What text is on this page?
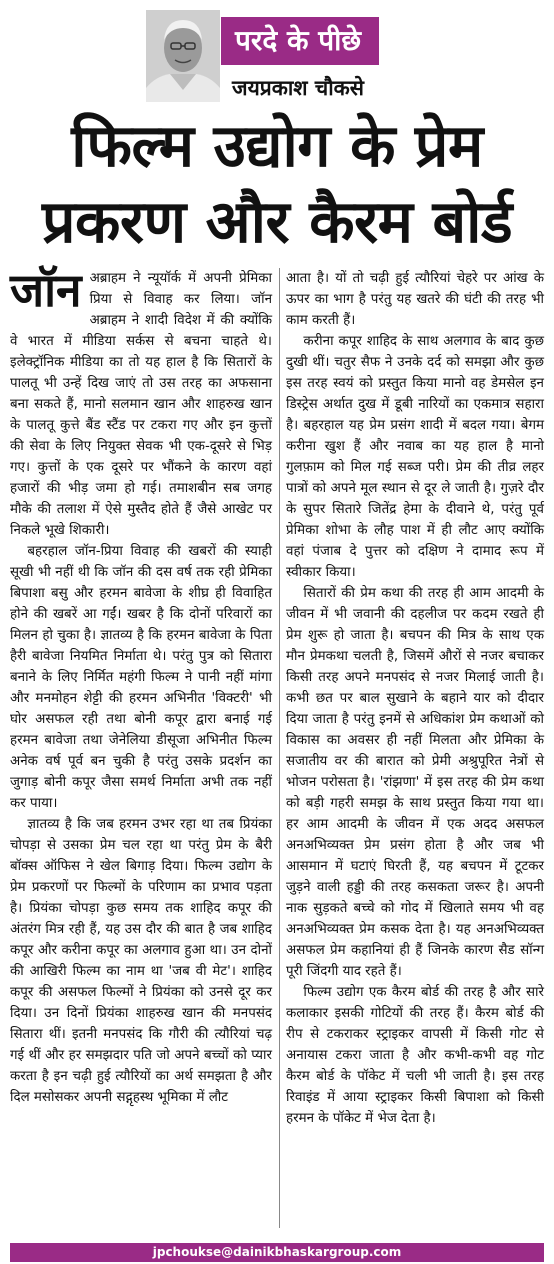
परदे के पीछे
जयप्रकाश चौकसे
फिल्म उद्योग के प्रेम
प्रकरण और कैरम बोर्ड

जॉन अब्राहम ने न्यूयॉर्क में अपनी प्रेमिका प्रिया से विवाह कर लिया। जॉन अब्राहम ने शादी विदेश में की क्योंकि वे भारत में मीडिया सर्कस से बचना चाहते थे। इलेक्ट्रॉनिक मीडिया का तो यह हाल है कि सितारों के पालतू भी उन्हें दिख जाएं तो उस तरह का अफसाना बना सकते हैं, मानो सलमान खान और शाहरुख खान के पालतू कुत्ते बैंड स्टैंड पर टकरा गए और इन कुत्तों की सेवा के लिए नियुक्त सेवक भी एक-दूसरे से भिड़ गए। कुत्तों के एक दूसरे पर भौंकने के कारण वहां हजारों की भीड़ जमा हो गई। तमाशबीन सब जगह मौके की तलाश में ऐसे मुस्तैद होते हैं जैसे आखेट पर निकले भूखे शिकारी।

बहरहाल जॉन-प्रिया विवाह की खबरों की स्याही सूखी भी नहीं थी कि जॉन की दस वर्ष तक रही प्रेमिका बिपाशा बसु और हरमन बावेजा के शीघ्र ही विवाहित होने की खबरें आ गईं। खबर है कि दोनों परिवारों का मिलन हो चुका है। ज्ञातव्य है कि हरमन बावेजा के पिता हैरी बावेजा नियमित निर्माता थे। परंतु पुत्र को सितारा बनाने के लिए निर्मित महंगी फिल्म ने पानी नहीं मांगा और मनमोहन शेट्टी की हरमन अभिनीत 'विक्टरी' भी घोर असफल रही तथा बोनी कपूर द्वारा बनाई गई हरमन बावेजा तथा जेनेलिया डीसूजा अभिनीत फिल्म अनेक वर्ष पूर्व बन चुकी है परंतु उसके प्रदर्शन का जुगाड़ बोनी कपूर जैसा समर्थ निर्माता अभी तक नहीं कर पाया।

ज्ञातव्य है कि जब हरमन उभर रहा था तब प्रियंका चोपड़ा से उसका प्रेम चल रहा था परंतु प्रेम के बैरी बॉक्स ऑफिस ने खेल बिगाड़ दिया। फिल्म उद्योग के प्रेम प्रकरणों पर फिल्मों के परिणाम का प्रभाव पड़ता है। प्रियंका चोपड़ा कुछ समय तक शाहिद कपूर की अंतरंग मित्र रही हैं, यह उस दौर की बात है जब शाहिद कपूर और करीना कपूर का अलगाव हुआ था। उन दोनों की आखिरी फिल्म का नाम था 'जब वी मेट'। शाहिद कपूर की असफल फिल्मों ने प्रियंका को उनसे दूर कर दिया। उन दिनों प्रियंका शाहरुख खान की मनपसंद सितारा थीं। इतनी मनपसंद कि गौरी की त्यौरियां चढ़ गई थीं और हर समझदार पति जो अपने बच्चों को प्यार करता है इन चढ़ी हुई त्यौरियों का अर्थ समझता है और दिल मसोसकर अपनी सद्गृहस्थ भूमिका में लौट

आता है। यों तो चढ़ी हुई त्यौरियां चेहरे पर आंख के ऊपर का भाग है परंतु यह खतरे की घंटी की तरह भी काम करती हैं।

करीना कपूर शाहिद के साथ अलगाव के बाद कुछ दुखी थीं। चतुर सैफ ने उनके दर्द को समझा और कुछ इस तरह स्वयं को प्रस्तुत किया मानो वह डेमसेल इन डिस्ट्रेस अर्थात दुख में डूबी नारियों का एकमात्र सहारा है। बहरहाल यह प्रेम प्रसंग शादी में बदल गया। बेगम करीना खुश हैं और नवाब का यह हाल है मानो गुलफ़ाम को मिल गई सब्ज परी। प्रेम की तीव्र लहर पात्रों को अपने मूल स्थान से दूर ले जाती है। गुज़रे दौर के सुपर सितारे जितेंद्र हेमा के दीवाने थे, परंतु पूर्व प्रेमिका शोभा के लौह पाश में ही लौट आए क्योंकि वहां पंजाब दे पुत्तर को दक्षिण ने दामाद रूप में स्वीकार किया।

सितारों की प्रेम कथा की तरह ही आम आदमी के जीवन में भी जवानी की दहलीज पर कदम रखते ही प्रेम शुरू हो जाता है। बचपन की मित्र के साथ एक मौन प्रेमकथा चलती है, जिसमें औरों से नजर बचाकर किसी तरह अपने मनपसंद से नजर मिलाई जाती है। कभी छत पर बाल सुखाने के बहाने यार को दीदार दिया जाता है परंतु इनमें से अधिकांश प्रेम कथाओं को विकास का अवसर ही नहीं मिलता और प्रेमिका के सजातीय वर की बारात को प्रेमी अश्रुपूरित नेत्रों से भोजन परोसता है। 'रांझणा' में इस तरह की प्रेम कथा को बड़ी गहरी समझ के साथ प्रस्तुत किया गया था। हर आम आदमी के जीवन में एक अदद असफल अनअभिव्यक्त प्रेम प्रसंग होता है और जब भी आसमान में घटाएं घिरती हैं, यह बचपन में टूटकर जुड़ने वाली हड्डी की तरह कसकता जरूर है। अपनी नाक सुड़कते बच्चे को गोद में खिलाते समय भी वह अनअभिव्यक्त प्रेम कसक देता है। यह अनअभिव्यक्त असफल प्रेम कहानियां ही हैं जिनके कारण सैड सॉन्ग पूरी जिंदगी याद रहते हैं।

फिल्म उद्योग एक कैरम बोर्ड की तरह है और सारे कलाकार इसकी गोटियों की तरह हैं। कैरम बोर्ड की रीप से टकराकर स्ट्राइकर वापसी में किसी गोट से अनायास टकरा जाता है और कभी-कभी वह गोट कैरम बोर्ड के पॉकेट में चली भी जाती है। इस तरह रिवाइंड में आया स्ट्राइकर किसी बिपाशा को किसी हरमन के पॉकेट में भेज देता है।

jpchoukse@dainikbhaskargroup.com
